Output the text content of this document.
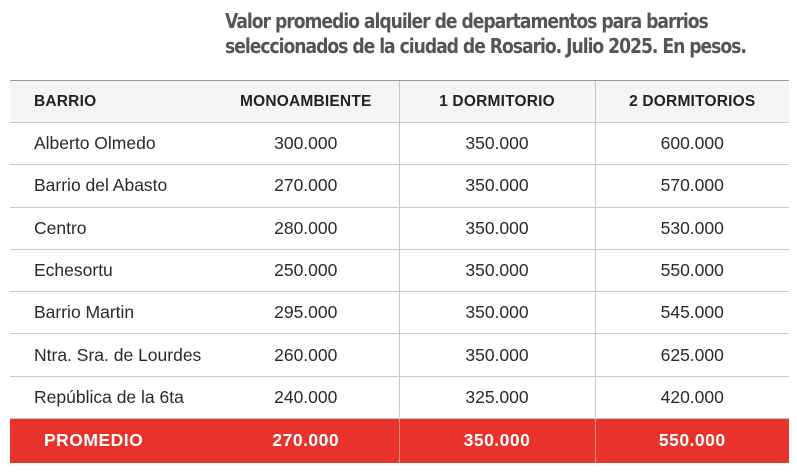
Valor promedio alquiler de departamentos para barrios
seleccionados de la ciudad de Rosario. Julio 2025. En pesos.
BARRIO	MONOAMBIENTE	1 DORMITORIO	2 DORMITORIOS
Alberto Olmedo	300.000	350.000	600.000
Barrio del Abasto	270.000	350.000	570.000
Centro	280.000	350.000	530.000
Echesortu	250.000	350.000	550.000
Barrio Martin	295.000	350.000	545.000
Ntra. Sra. de Lourdes	260.000	350.000	625.000
República de la 6ta	240.000	325.000	420.000
PROMEDIO	270.000	350.000	550.000
